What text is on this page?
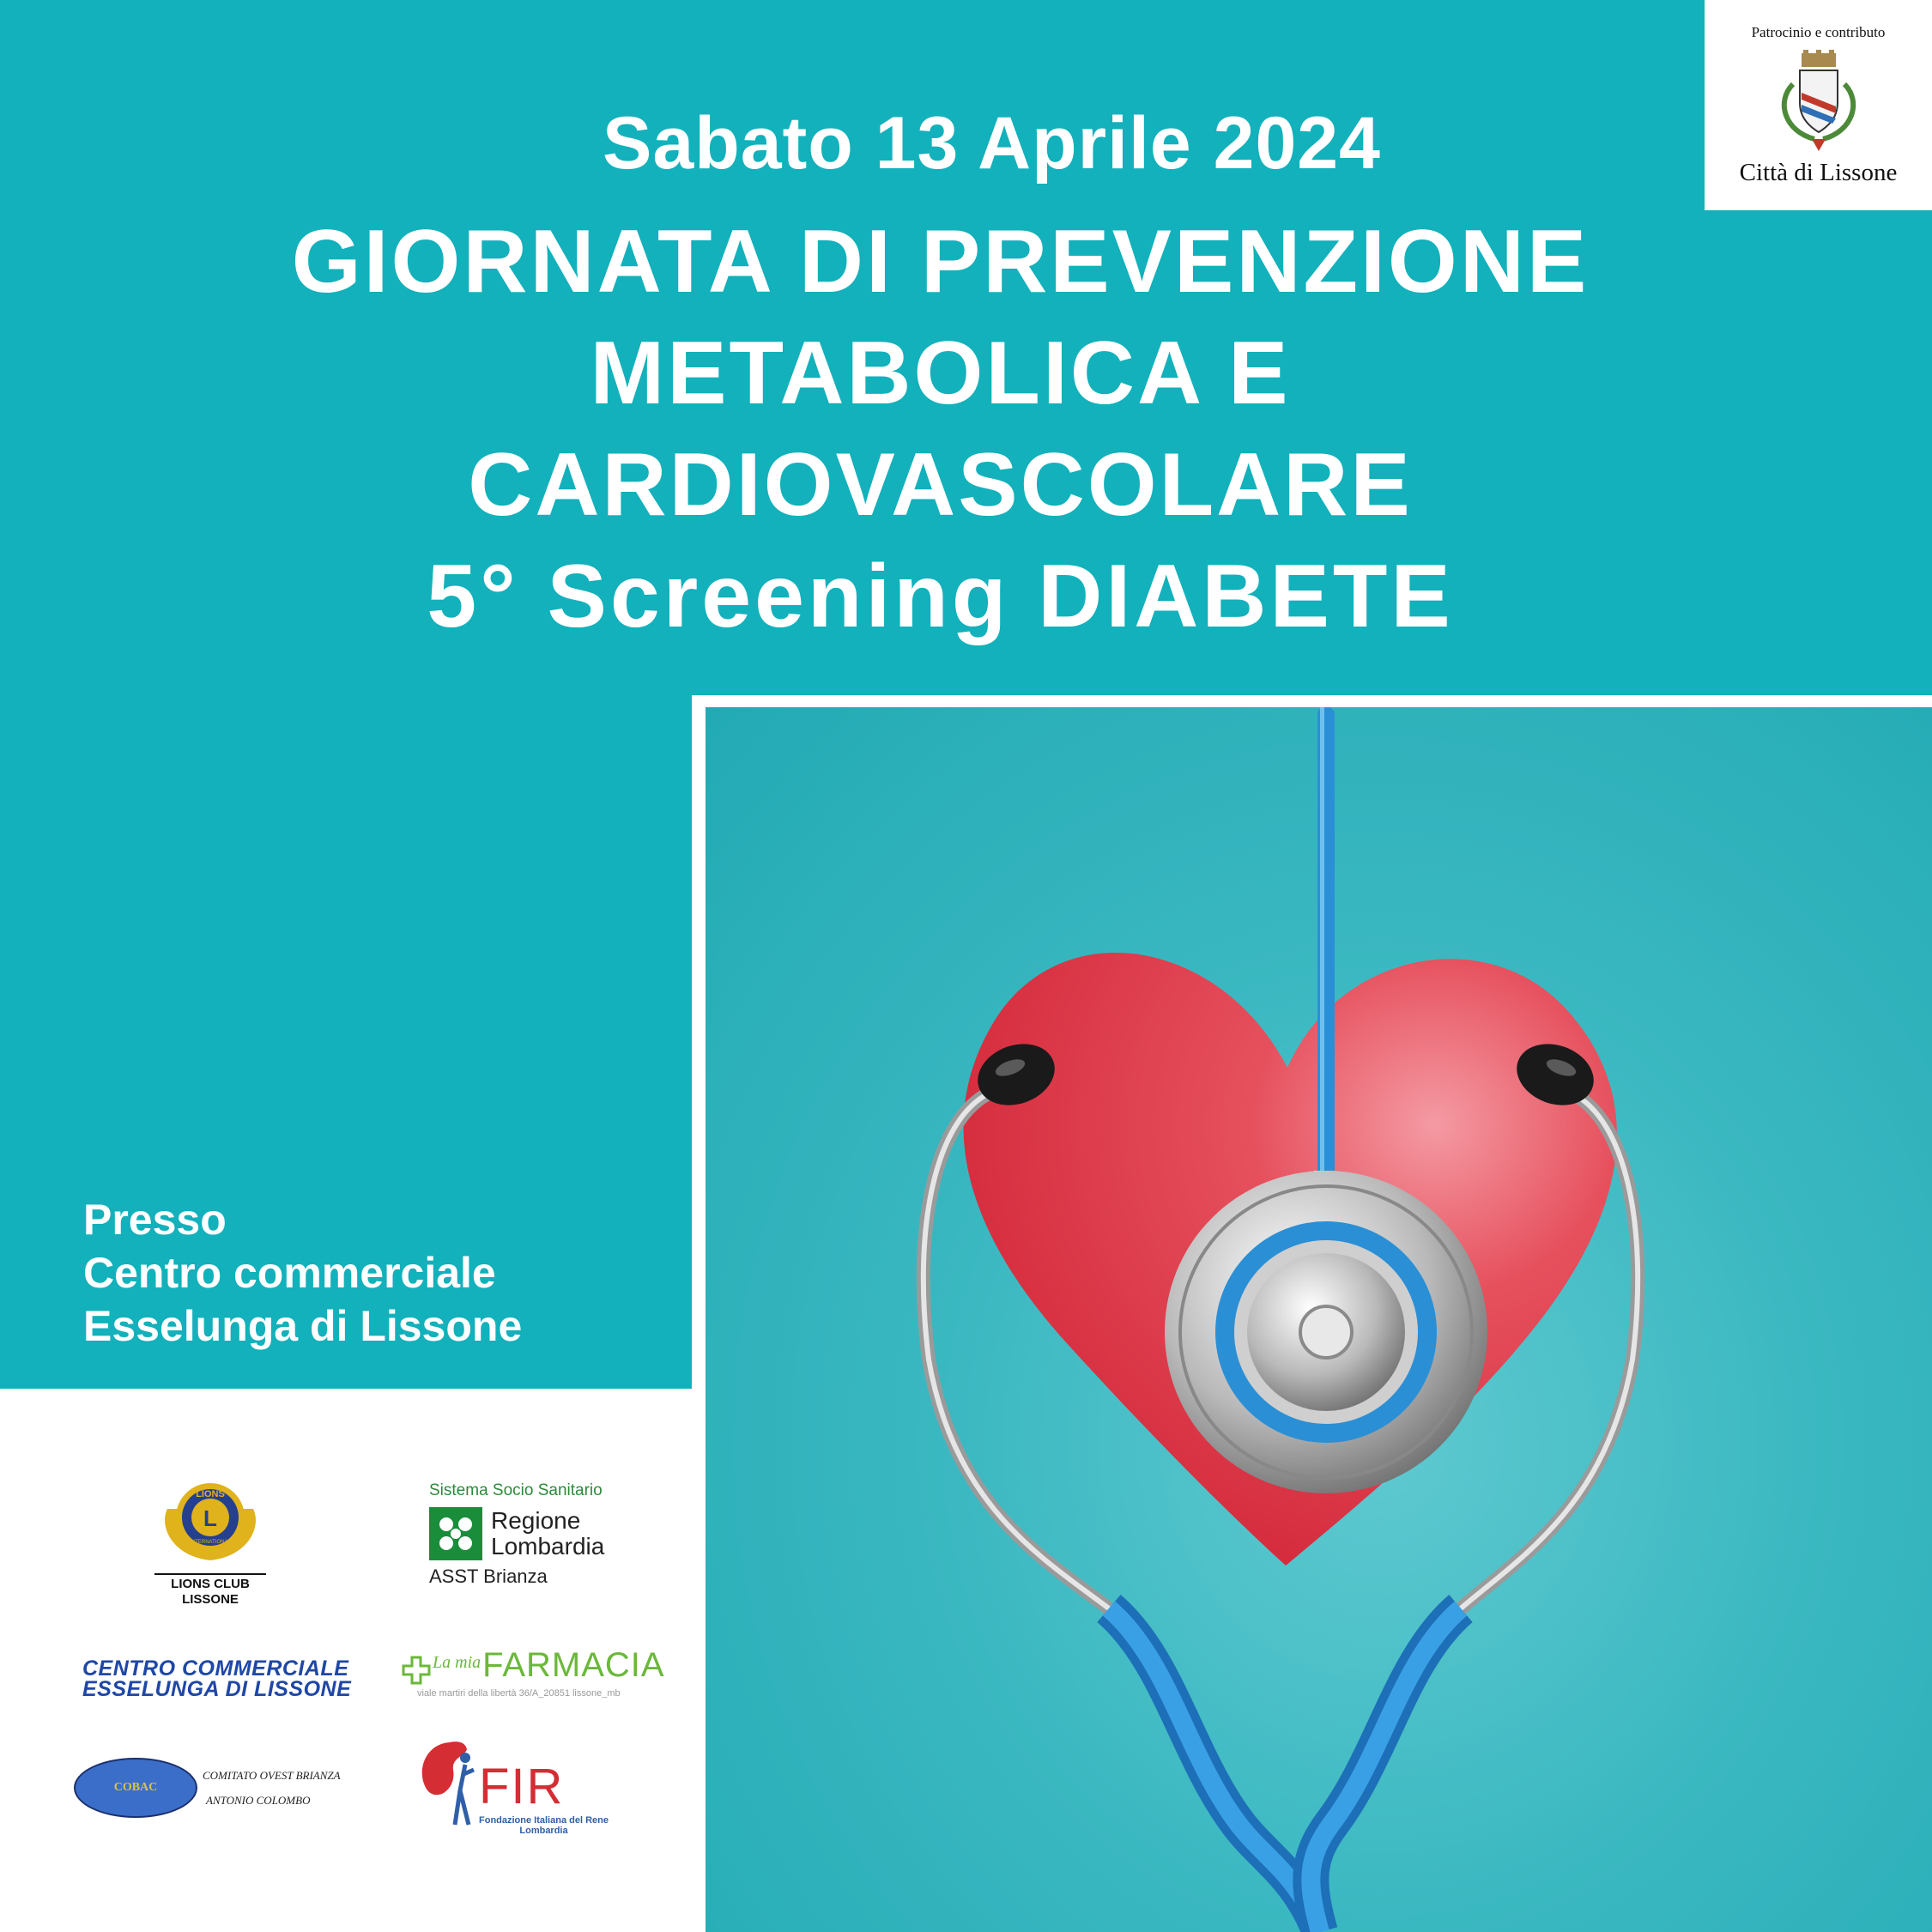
Sabato 13 Aprile 2024
GIORNATA DI PREVENZIONE
METABOLICA E
CARDIOVASCOLARE
5° Screening DIABETE
Patrocinio e contributo
Città di Lissone
Presso
Centro commerciale
Esselunga di Lissone
LIONS
L
INTERNATIONAL
LIONS CLUB
LISSONE
Sistema Socio Sanitario
Regione
Lombardia
ASST Brianza
CENTRO COMMERCIALE
ESSELUNGA DI LISSONE
La mia FARMACIA
viale martiri della libertà 36/A_20851 lissone_mb
COBAC
COMITATO OVEST BRIANZA
ANTONIO COLOMBO	FIR
Fondazione Italiana del Rene
Lombardia
